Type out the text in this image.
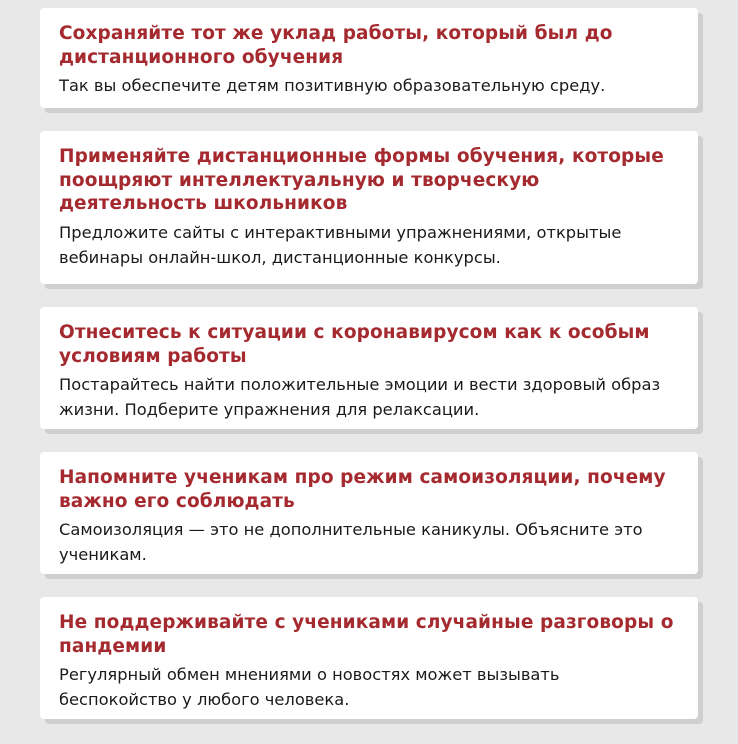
Сохраняйте тот же уклад работы, который был до дистанционного обучения

Так вы обеспечите детям позитивную образовательную среду.

Применяйте дистанционные формы обучения, которые поощряют интеллектуальную и творческую деятельность школьников

Предложите сайты с интерактивными упражнениями, открытые вебинары онлайн-школ, дистанционные конкурсы.

Отнеситесь к ситуации с коронавирусом как к особым условиям работы

Постарайтесь найти положительные эмоции и вести здоровый образ жизни. Подберите упражнения для релаксации.

Напомните ученикам про режим самоизоляции, почему важно его соблюдать

Самоизоляция — это не дополнительные каникулы. Объясните это ученикам.

Не поддерживайте с учениками случайные разговоры о пандемии

Регулярный обмен мнениями о новостях может вызывать беспокойство у любого человека.
